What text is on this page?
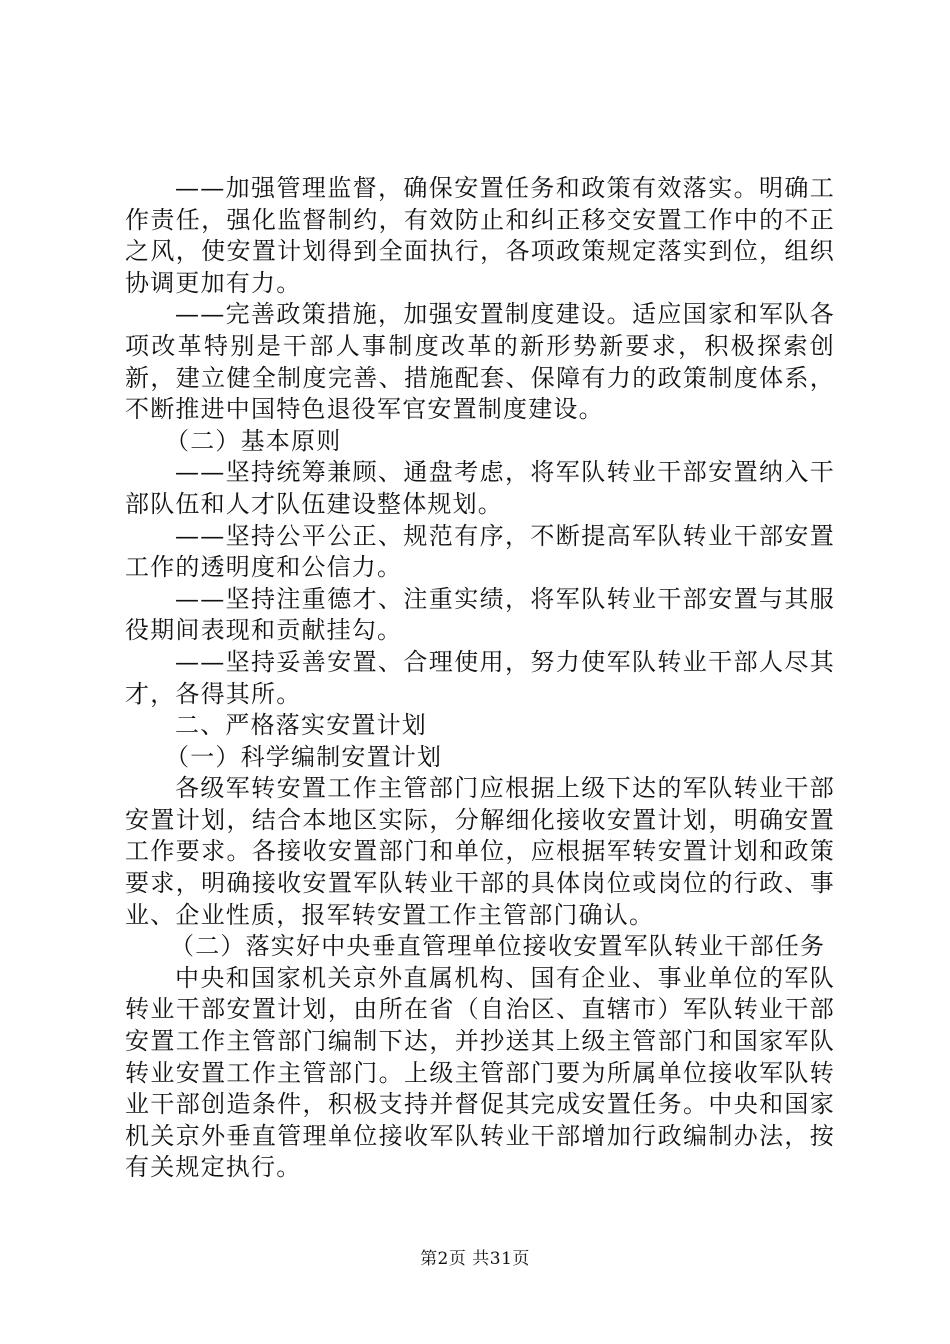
——加强管理监督，确保安置任务和政策有效落实。明确工作责任，强化监督制约，有效防止和纠正移交安置工作中的不正之风，使安置计划得到全面执行，各项政策规定落实到位，组织协调更加有力。

——完善政策措施，加强安置制度建设。适应国家和军队各项改革特别是干部人事制度改革的新形势新要求，积极探索创新，建立健全制度完善、措施配套、保障有力的政策制度体系，不断推进中国特色退役军官安置制度建设。

（二）基本原则

——坚持统筹兼顾、通盘考虑，将军队转业干部安置纳入干部队伍和人才队伍建设整体规划。

——坚持公平公正、规范有序，不断提高军队转业干部安置工作的透明度和公信力。

——坚持注重德才、注重实绩，将军队转业干部安置与其服役期间表现和贡献挂勾。

——坚持妥善安置、合理使用，努力使军队转业干部人尽其才，各得其所。

二、严格落实安置计划

（一）科学编制安置计划

各级军转安置工作主管部门应根据上级下达的军队转业干部安置计划，结合本地区实际，分解细化接收安置计划，明确安置工作要求。各接收安置部门和单位，应根据军转安置计划和政策要求，明确接收安置军队转业干部的具体岗位或岗位的行政、事业、企业性质，报军转安置工作主管部门确认。

（二）落实好中央垂直管理单位接收安置军队转业干部任务

中央和国家机关京外直属机构、国有企业、事业单位的军队转业干部安置计划，由所在省（自治区、直辖市）军队转业干部安置工作主管部门编制下达，并抄送其上级主管部门和国家军队转业安置工作主管部门。上级主管部门要为所属单位接收军队转业干部创造条件，积极支持并督促其完成安置任务。中央和国家机关京外垂直管理单位接收军队转业干部增加行政编制办法，按有关规定执行。

第2页 共31页
